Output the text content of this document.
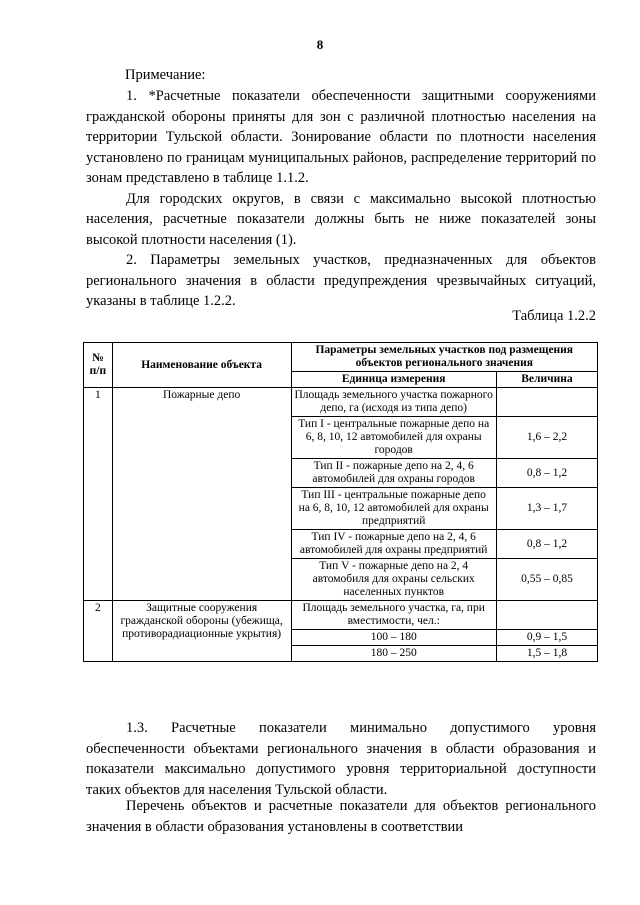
8
Примечание:
1. *Расчетные показатели обеспеченности защитными сооружениями гражданской обороны приняты для зон с различной плотностью населения на территории Тульской области. Зонирование области по плотности населения установлено по границам муниципальных районов, распределение территорий по зонам представлено в таблице 1.1.2.
Для городских округов, в связи с максимально высокой плотностью населения, расчетные показатели должны быть не ниже показателей зоны высокой плотности населения (1).
2. Параметры земельных участков, предназначенных для объектов регионального значения в области предупреждения чрезвычайных ситуаций, указаны в таблице 1.2.2.
Таблица 1.2.2
№ п/п	Наименование объекта	Параметры земельных участков под размещения объектов регионального значения	
		Единица измерения	Величина
1	Пожарные депо	Площадь земельного участка пожарного депо, га (исходя из типа депо)	
		Тип I - центральные пожарные депо на 6, 8, 10, 12 автомобилей для охраны городов	1,6 – 2,2
		Тип II - пожарные депо на 2, 4, 6 автомобилей для охраны городов	0,8 – 1,2
		Тип III - центральные пожарные депо на 6, 8, 10, 12 автомобилей для охраны предприятий	1,3 – 1,7
		Тип IV - пожарные депо на 2, 4, 6 автомобилей для охраны предприятий	0,8 – 1,2
		Тип V - пожарные депо на 2, 4 автомобиля для охраны сельских населенных пунктов	0,55 – 0,85
2	Защитные сооружения гражданской обороны (убежища, противорадиационные укрытия)	Площадь земельного участка, га, при вместимости, чел.:	
		100 – 180	0,9 – 1,5
		180 – 250	1,5 – 1,8
1.3. Расчетные показатели минимально допустимого уровня обеспеченности объектами регионального значения в области образования и показатели максимально допустимого уровня территориальной доступности таких объектов для населения Тульской области.
Перечень объектов и расчетные показатели для объектов регионального значения в области образования установлены в соответствии
